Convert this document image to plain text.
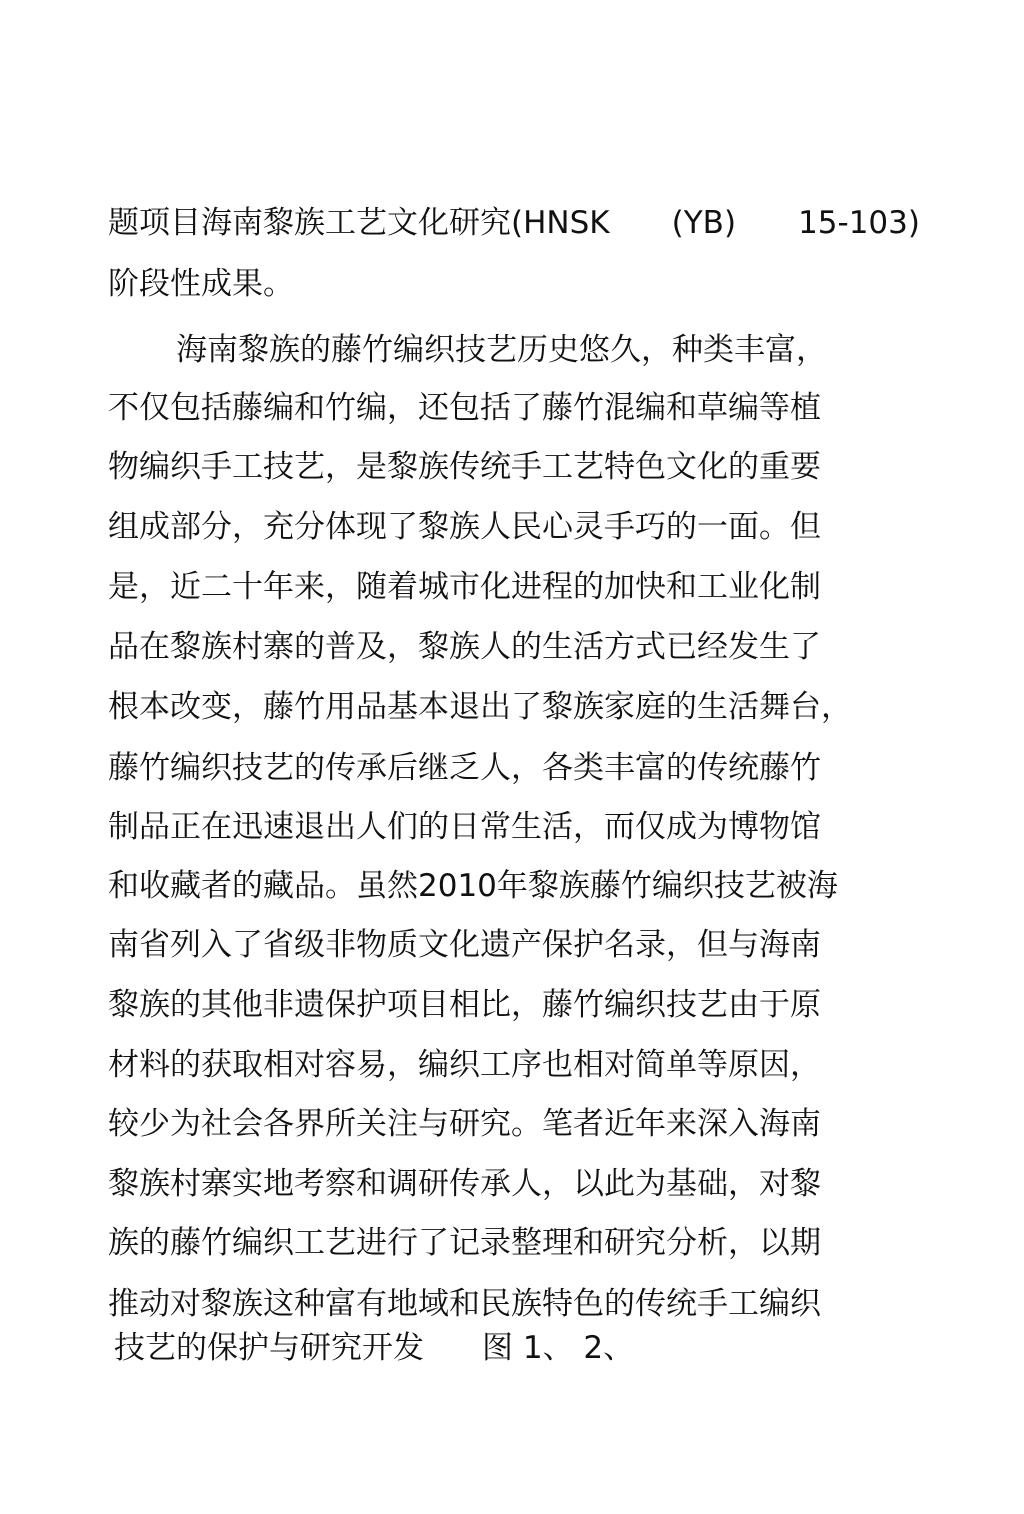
题项目海南黎族工艺文化研究(HNSK (YB) 15-103)
阶段性成果。
海南黎族的藤竹编织技艺历史悠久，种类丰富，
不仅包括藤编和竹编，还包括了藤竹混编和草编等植
物编织手工技艺，是黎族传统手工艺特色文化的重要
组成部分，充分体现了黎族人民心灵手巧的一面。但
是，近二十年来，随着城市化进程的加快和工业化制
品在黎族村寨的普及，黎族人的生活方式已经发生了
根本改变，藤竹用品基本退出了黎族家庭的生活舞台，
藤竹编织技艺的传承后继乏人，各类丰富的传统藤竹
制品正在迅速退出人们的日常生活，而仅成为博物馆
和收藏者的藏品。虽然2010年黎族藤竹编织技艺被海
南省列入了省级非物质文化遗产保护名录，但与海南
黎族的其他非遗保护项目相比，藤竹编织技艺由于原
材料的获取相对容易，编织工序也相对简单等原因，
较少为社会各界所关注与研究。笔者近年来深入海南
黎族村寨实地考察和调研传承人，以此为基础，对黎
族的藤竹编织工艺进行了记录整理和研究分析，以期
推动对黎族这种富有地域和民族特色的传统手工编织
技艺的保护与研究开发 图 1、 2、
